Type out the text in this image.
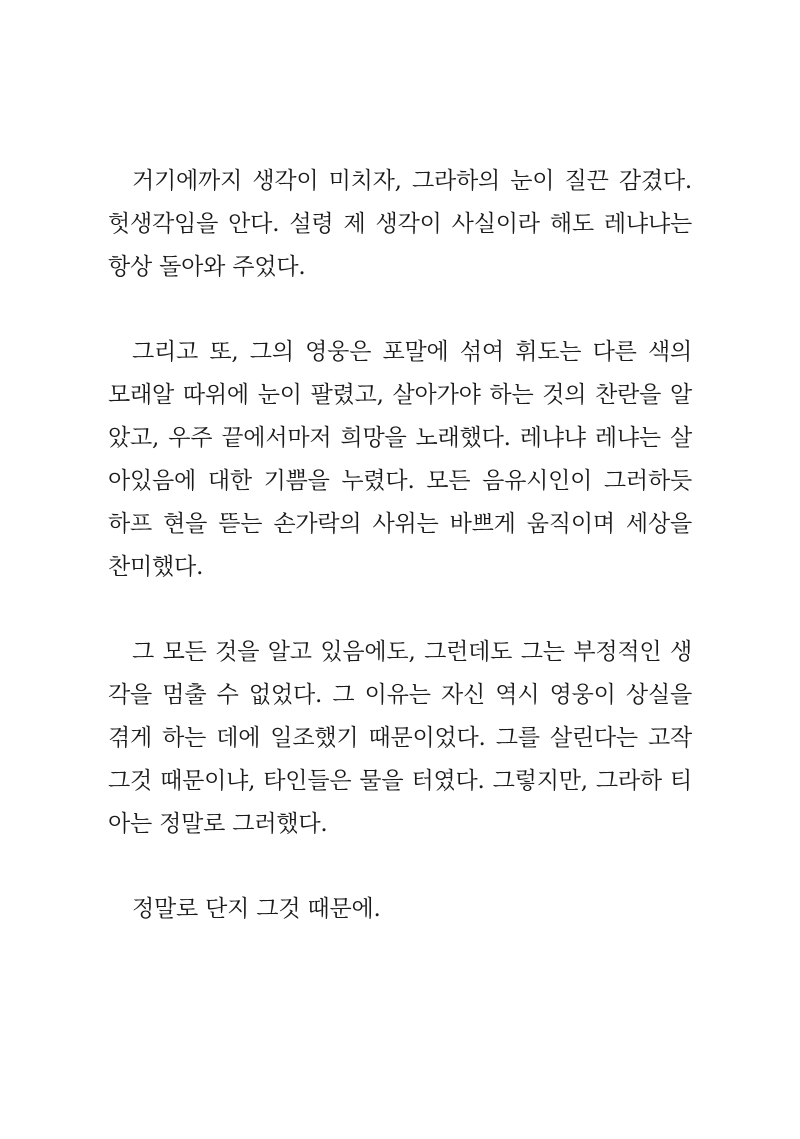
거기에까지 생각이 미치자, 그라하의 눈이 질끈 감겼다.
헛생각임을 안다. 설령 제 생각이 사실이라 해도 레냐냐는
항상 돌아와 주었다.
그리고 또, 그의 영웅은 포말에 섞여 휘도는 다른 색의
모래알 따위에 눈이 팔렸고, 살아가야 하는 것의 찬란을 알
았고, 우주 끝에서마저 희망을 노래했다. 레냐냐 레냐는 살
아있음에 대한 기쁨을 누렸다. 모든 음유시인이 그러하듯
하프 현을 뜯는 손가락의 사위는 바쁘게 움직이며 세상을
찬미했다.
그 모든 것을 알고 있음에도, 그런데도 그는 부정적인 생
각을 멈출 수 없었다. 그 이유는 자신 역시 영웅이 상실을
겪게 하는 데에 일조했기 때문이었다. 그를 살린다는 고작
그것 때문이냐, 타인들은 물을 터였다. 그렇지만, 그라하 티
아는 정말로 그러했다.
정말로 단지 그것 때문에.
